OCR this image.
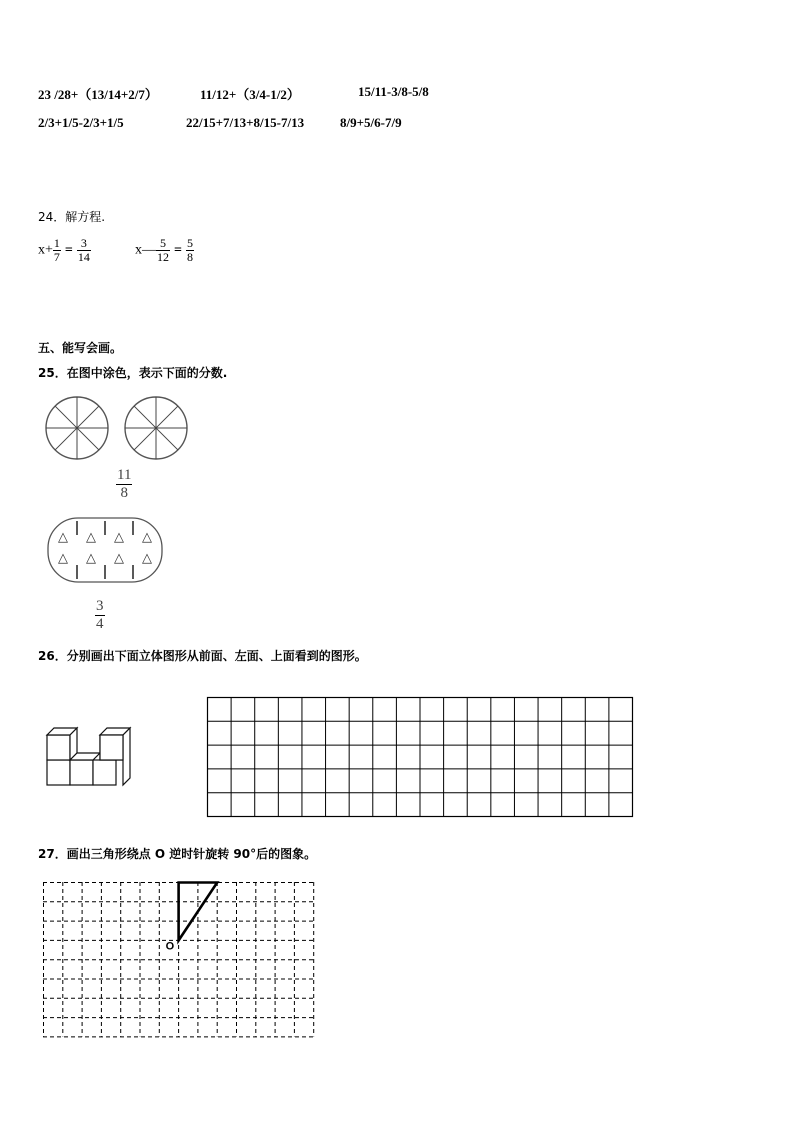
23 /28+（13/14+2/7）	11/12+（3/4-1/2）	15/11-3/8-5/8
2/3+1/5-2/3+1/5	22/15+7/13+8/15-7/13	8/9+5/6-7/9
24．解方程.
$x+ \frac{1}{7} = \frac{3}{14}$	x— $\frac{5}{12} = \frac{5}{8}$
五、能写会画。
25．在图中涂色，表示下面的分数.
$\frac{11}{8}$
△
△
△
△
△
△
△
△
$\frac{3}{4}$
26．分别画出下面立体图形从前面、左面、上面看到的图形。
27．画出三角形绕点 O 逆时针旋转 90°后的图象。
O
